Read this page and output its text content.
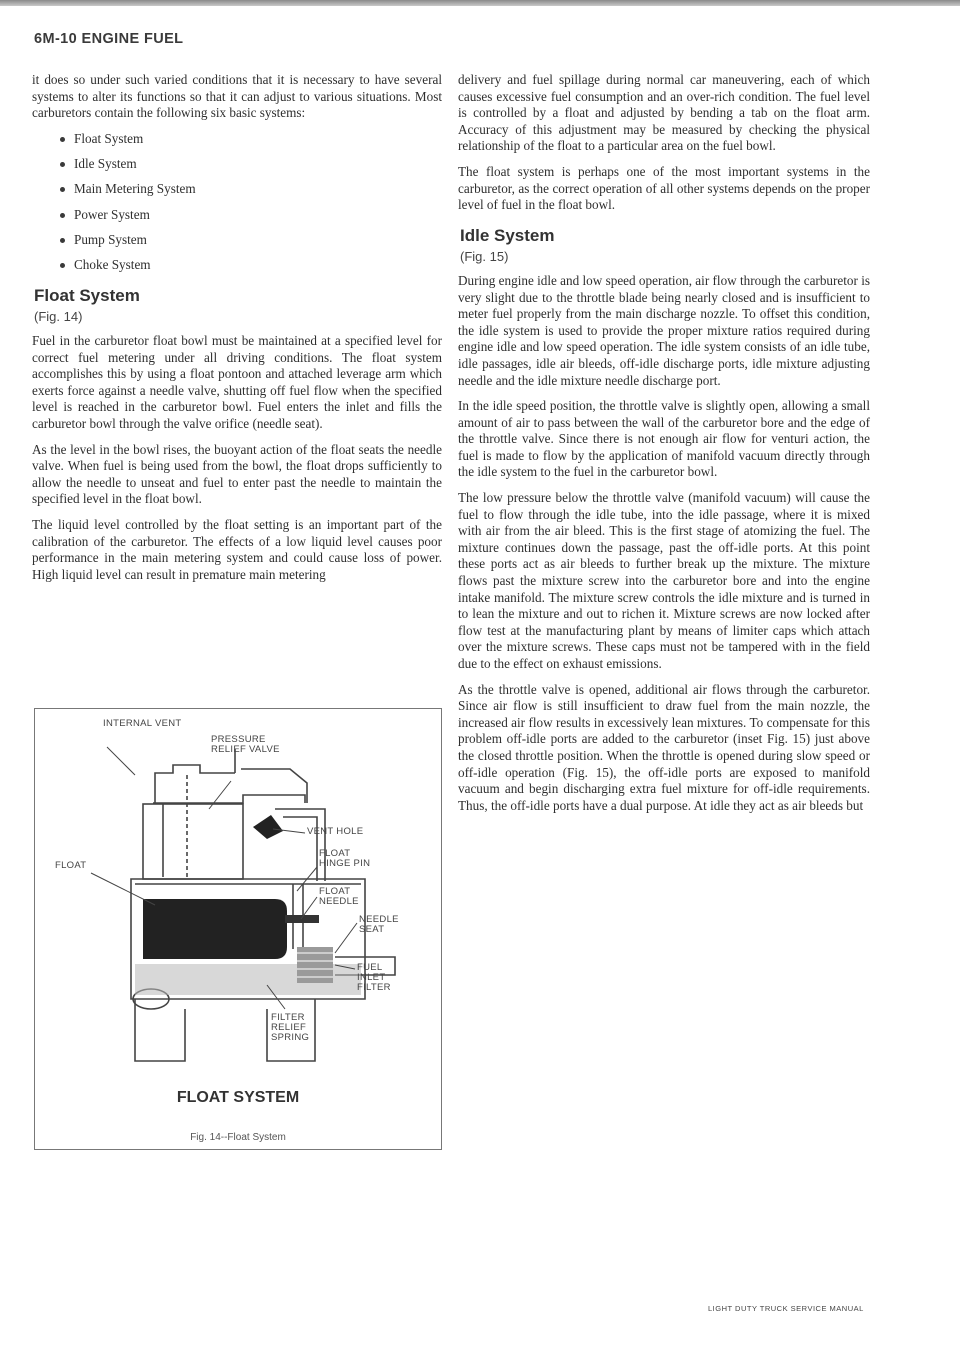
6M-10 ENGINE FUEL

it does so under such varied conditions that it is necessary to have several systems to alter its functions so that it can adjust to various situations. Most carburetors contain the following six basic systems:

Float System
Idle System
Main Metering System
Power System
Pump System
Choke System
Float System
(Fig. 14)

Fuel in the carburetor float bowl must be maintained at a specified level for correct fuel metering under all driving conditions. The float system accomplishes this by using a float pontoon and attached leverage arm which exerts force against a needle valve, shutting off fuel flow when the specified level is reached in the carburetor bowl. Fuel enters the inlet and fills the carburetor bowl through the valve orifice (needle seat).

As the level in the bowl rises, the buoyant action of the float seats the needle valve. When fuel is being used from the bowl, the float drops sufficiently to allow the needle to unseat and fuel to enter past the needle to maintain the specified level in the float bowl.

The liquid level controlled by the float setting is an important part of the calibration of the carburetor. The effects of a low liquid level causes poor performance in the main metering system and could cause loss of power. High liquid level can result in premature main metering

INTERNAL VENT
PRESSURE
RELIEF VALVE
VENT HOLE
FLOAT
FLOAT
HINGE PIN
FLOAT
NEEDLE
NEEDLE
SEAT
FUEL
INLET
FILTER
FILTER
RELIEF
SPRING
FLOAT SYSTEM
Fig. 14--Float System

delivery and fuel spillage during normal car maneuvering, each of which causes excessive fuel consumption and an over-rich condition. The fuel level is controlled by a float and adjusted by bending a tab on the float arm. Accuracy of this adjustment may be measured by checking the physical relationship of the float to a particular area on the fuel bowl.

The float system is perhaps one of the most important systems in the carburetor, as the correct operation of all other systems depends on the proper level of fuel in the float bowl.

Idle System
(Fig. 15)

During engine idle and low speed operation, air flow through the carburetor is very slight due to the throttle blade being nearly closed and is insufficient to meter fuel properly from the main discharge nozzle. To offset this condition, the idle system is used to provide the proper mixture ratios required during engine idle and low speed operation. The idle system consists of an idle tube, idle passages, idle air bleeds, off-idle discharge ports, idle mixture adjusting needle and the idle mixture needle discharge port.

In the idle speed position, the throttle valve is slightly open, allowing a small amount of air to pass between the wall of the carburetor bore and the edge of the throttle valve. Since there is not enough air flow for venturi action, the fuel is made to flow by the application of manifold vacuum directly through the idle system to the fuel in the carburetor bowl.

The low pressure below the throttle valve (manifold vacuum) will cause the fuel to flow through the idle tube, into the idle passage, where it is mixed with air from the air bleed. This is the first stage of atomizing the fuel. The mixture continues down the passage, past the off-idle ports. At this point these ports act as air bleeds to further break up the mixture. The mixture flows past the mixture screw into the carburetor bore and into the engine intake manifold. The mixture screw controls the idle mixture and is turned in to lean the mixture and out to richen it. Mixture screws are now locked after flow test at the manufacturing plant by means of limiter caps which attach over the mixture screws. These caps must not be tampered with in the field due to the effect on exhaust emissions.

As the throttle valve is opened, additional air flows through the carburetor. Since air flow is still insufficient to draw fuel from the main nozzle, the increased air flow results in excessively lean mixtures. To compensate for this problem off-idle ports are added to the carburetor (inset Fig. 15) just above the closed throttle position. When the throttle is opened during slow speed or off-idle operation (Fig. 15), the off-idle ports are exposed to manifold vacuum and begin discharging extra fuel mixture for off-idle requirements. Thus, the off-idle ports have a dual purpose. At idle they act as air bleeds but

LIGHT DUTY TRUCK SERVICE MANUAL
